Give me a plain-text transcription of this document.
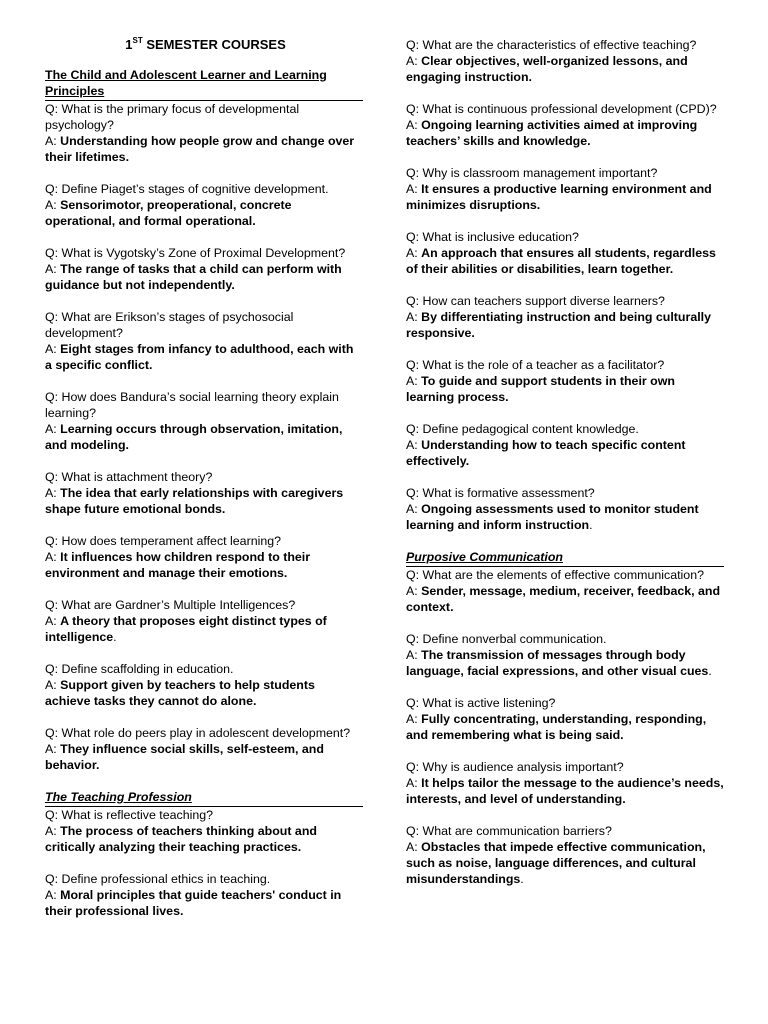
1ST SEMESTER COURSES
The Child and Adolescent Learner and Learning Principles
Q: What is the primary focus of developmental psychology?
A: Understanding how people grow and change over their lifetimes.
Q: Define Piaget’s stages of cognitive development.
A: Sensorimotor, preoperational, concrete operational, and formal operational.
Q: What is Vygotsky’s Zone of Proximal Development?
A: The range of tasks that a child can perform with guidance but not independently.
Q: What are Erikson’s stages of psychosocial development?
A: Eight stages from infancy to adulthood, each with a specific conflict.
Q: How does Bandura’s social learning theory explain learning?
A: Learning occurs through observation, imitation, and modeling.
Q: What is attachment theory?
A: The idea that early relationships with caregivers shape future emotional bonds.
Q: How does temperament affect learning?
A: It influences how children respond to their environment and manage their emotions.
Q: What are Gardner’s Multiple Intelligences?
A: A theory that proposes eight distinct types of intelligence.
Q: Define scaffolding in education.
A: Support given by teachers to help students achieve tasks they cannot do alone.
Q: What role do peers play in adolescent development?
A: They influence social skills, self-esteem, and behavior.
The Teaching Profession
Q: What is reflective teaching?
A: The process of teachers thinking about and critically analyzing their teaching practices.
Q: Define professional ethics in teaching.
A: Moral principles that guide teachers' conduct in their professional lives.
Q: What are the characteristics of effective teaching?
A: Clear objectives, well-organized lessons, and engaging instruction.
Q: What is continuous professional development (CPD)?
A: Ongoing learning activities aimed at improving teachers’ skills and knowledge.
Q: Why is classroom management important?
A: It ensures a productive learning environment and minimizes disruptions.
Q: What is inclusive education?
A: An approach that ensures all students, regardless of their abilities or disabilities, learn together.
Q: How can teachers support diverse learners?
A: By differentiating instruction and being culturally responsive.
Q: What is the role of a teacher as a facilitator?
A: To guide and support students in their own learning process.
Q: Define pedagogical content knowledge.
A: Understanding how to teach specific content effectively.
Q: What is formative assessment?
A: Ongoing assessments used to monitor student learning and inform instruction.
Purposive Communication
Q: What are the elements of effective communication?
A: Sender, message, medium, receiver, feedback, and context.
Q: Define nonverbal communication.
A: The transmission of messages through body language, facial expressions, and other visual cues.
Q: What is active listening?
A: Fully concentrating, understanding, responding, and remembering what is being said.
Q: Why is audience analysis important?
A: It helps tailor the message to the audience’s needs, interests, and level of understanding.
Q: What are communication barriers?
A: Obstacles that impede effective communication, such as noise, language differences, and cultural misunderstandings.
